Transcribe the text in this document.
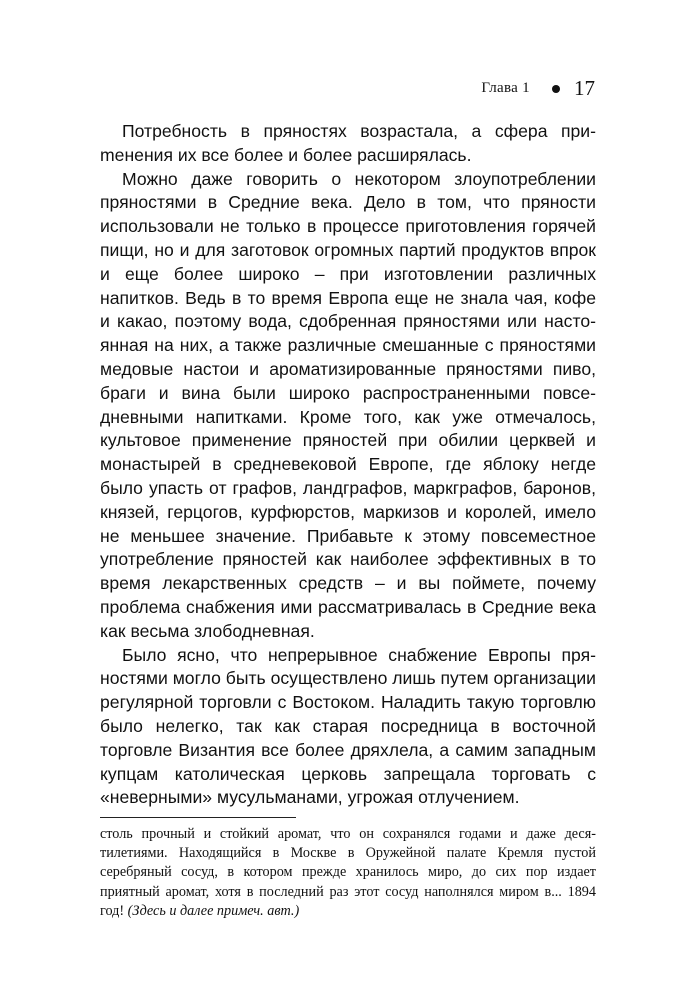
Глава 1 17

Потребность в пряностях возрастала, а сфера приmенения их все более и более расширялась.

Можно даже говорить о некотором злоупотреблении пряностями в Средние века. Дело в том, что пряности использовали не только в процессе приготовления горячей пищи, но и для заготовок огромных партий продуктов впрок и еще более широко – при изготовлении различных напитков. Ведь в то время Европа еще не знала чая, кофе и какао, поэтому вода, сдобренная пряностями или настоянная на них, а также различные смешанные с пряностями медовые настои и ароматизированные пряностями пиво, браги и вина были широко распространенными повседневными напитками. Кроме того, как уже отмечалось, культовое применение пряностей при обилии церквей и монастырей в средневековой Европе, где яблоку негде было упасть от графов, ландграфов, маркграфов, баронов, князей, герцогов, курфюрстов, маркизов и королей, имело не меньшее значение. Прибавьте к этому повсеместное употребление пряностей как наиболее эффективных в то время лекарственных средств – и вы поймете, почему проблема снабжения ими рассматривалась в Средние века как весьма злободневная.

Было ясно, что непрерывное снабжение Европы пряностями могло быть осуществлено лишь путем организации регулярной торговли с Востоком. Наладить такую торговлю было нелегко, так как старая посредница в восточной торговле Византия все более дряхлела, а самим западным купцам католическая церковь запрещала торговать с «неверными» мусульманами, угрожая отлучением.

столь прочный и стойкий аромат, что он сохранялся годами и даже десятилетиями. Находящийся в Москве в Оружейной палате Кремля пустой серебряный сосуд, в котором прежде хранилось миро, до сих пор издает приятный аромат, хотя в последний раз этот сосуд наполнялся миром в... 1894 год! (Здесь и далее примеч. авт.)
